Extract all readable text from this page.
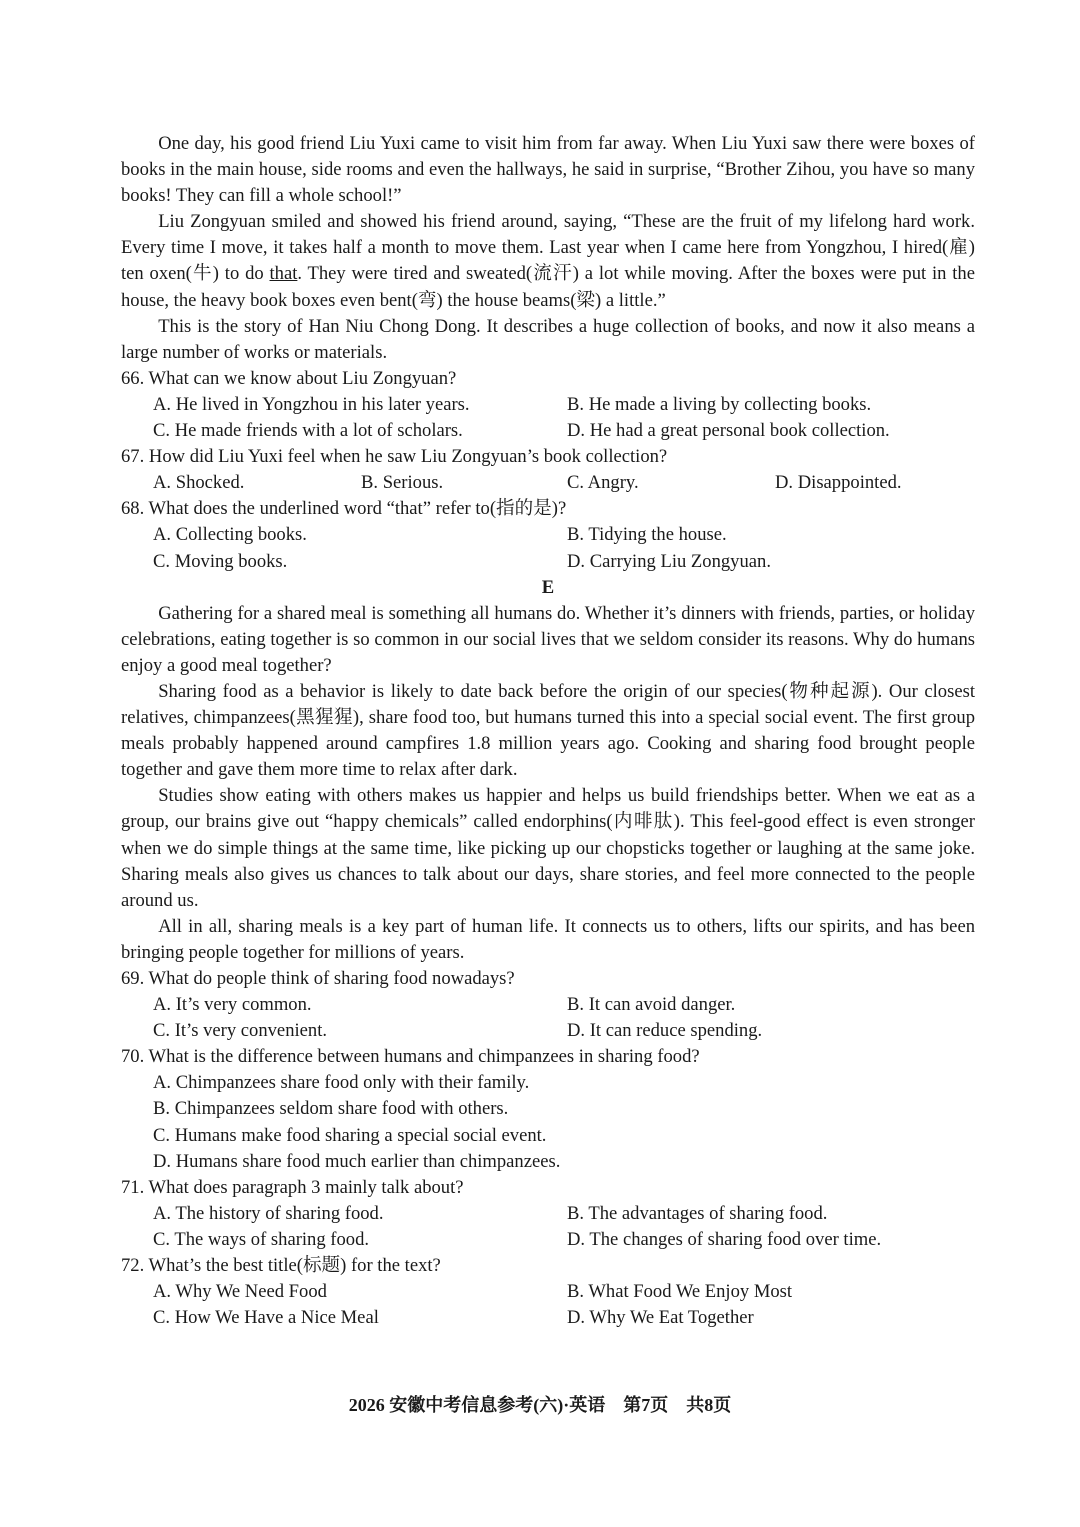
One day, his good friend Liu Yuxi came to visit him from far away. When Liu Yuxi saw there were boxes of books in the main house, side rooms and even the hallways, he said in surprise, “Brother Zihou, you have so many books! They can fill a whole school!”

Liu Zongyuan smiled and showed his friend around, saying, “These are the fruit of my lifelong hard work. Every time I move, it takes half a month to move them. Last year when I came here from Yongzhou, I hired(雇) ten oxen(牛) to do that. They were tired and sweated(流汗) a lot while moving. After the boxes were put in the house, the heavy book boxes even bent(弯) the house beams(梁) a little.”

This is the story of Han Niu Chong Dong. It describes a huge collection of books, and now it also means a large number of works or materials.

66. What can we know about Liu Zongyuan?
A. He lived in Yongzhou in his later years.	B. He made a living by collecting books.
C. He made friends with a lot of scholars.	D. He had a great personal book collection.
67. How did Liu Yuxi feel when he saw Liu Zongyuan’s book collection?
A. Shocked.	B. Serious.	C. Angry.	D. Disappointed.
68. What does the underlined word “that” refer to(指的是)?
A. Collecting books.	B. Tidying the house.
C. Moving books.	D. Carrying Liu Zongyuan.
E

Gathering for a shared meal is something all humans do. Whether it’s dinners with friends, parties, or holiday celebrations, eating together is so common in our social lives that we seldom consider its reasons. Why do humans enjoy a good meal together?

Sharing food as a behavior is likely to date back before the origin of our species(物种起源). Our closest relatives, chimpanzees(黑猩猩), share food too, but humans turned this into a special social event. The first group meals probably happened around campfires 1.8 million years ago. Cooking and sharing food brought people together and gave them more time to relax after dark.

Studies show eating with others makes us happier and helps us build friendships better. When we eat as a group, our brains give out “happy chemicals” called endorphins(内啡肽). This feel-good effect is even stronger when we do simple things at the same time, like picking up our chopsticks together or laughing at the same joke. Sharing meals also gives us chances to talk about our days, share stories, and feel more connected to the people around us.

All in all, sharing meals is a key part of human life. It connects us to others, lifts our spirits, and has been bringing people together for millions of years.

69. What do people think of sharing food nowadays?
A. It’s very common.	B. It can avoid danger.
C. It’s very convenient.	D. It can reduce spending.
70. What is the difference between humans and chimpanzees in sharing food?
A. Chimpanzees share food only with their family.
B. Chimpanzees seldom share food with others.
C. Humans make food sharing a special social event.
D. Humans share food much earlier than chimpanzees.
71. What does paragraph 3 mainly talk about?
A. The history of sharing food.	B. The advantages of sharing food.
C. The ways of sharing food.	D. The changes of sharing food over time.
72. What’s the best title(标题) for the text?
A. Why We Need Food	B. What Food We Enjoy Most
C. How We Have a Nice Meal	D. Why We Eat Together
2026 安徽中考信息参考(六)·英语　第7页　共8页
